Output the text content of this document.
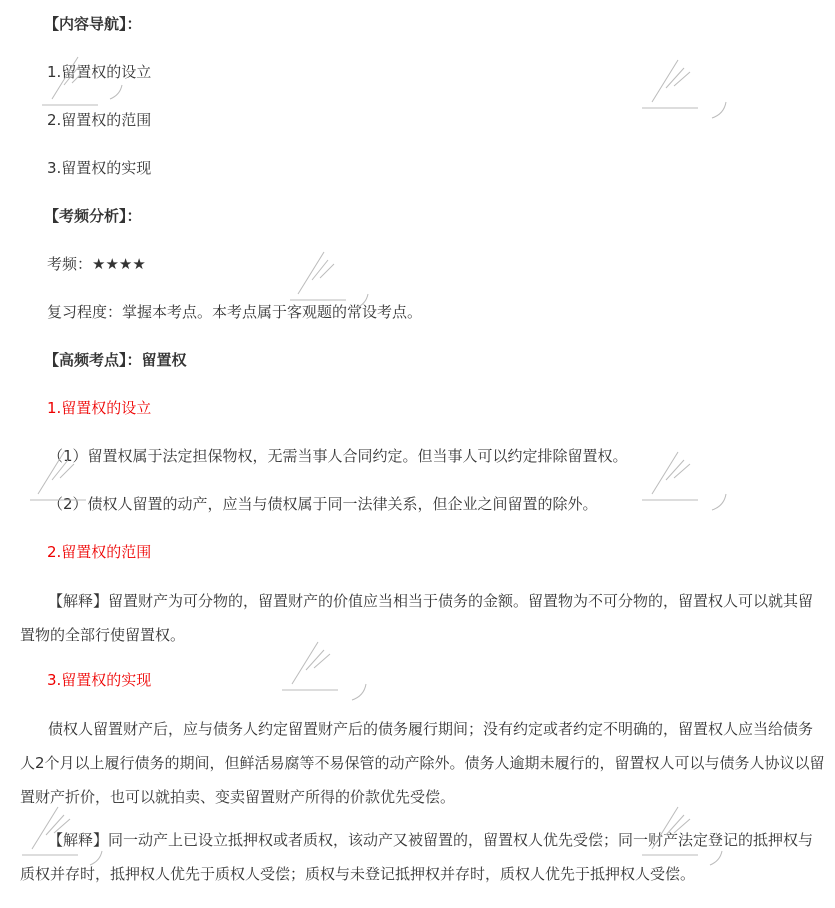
【内容导航】：
1.留置权的设立
2.留置权的范围
3.留置权的实现
【考频分析】：
考频：★★★★
复习程度：掌握本考点。本考点属于客观题的常设考点。
【高频考点】：留置权
1.留置权的设立
（1）留置权属于法定担保物权，无需当事人合同约定。但当事人可以约定排除留置权。
（2）债权人留置的动产，应当与债权属于同一法律关系，但企业之间留置的除外。
2.留置权的范围
【解释】留置财产为可分物的，留置财产的价值应当相当于债务的金额。留置物为不可分物的，留置权人可以就其留置物的全部行使留置权。
3.留置权的实现
债权人留置财产后，应与债务人约定留置财产后的债务履行期间；没有约定或者约定不明确的，留置权人应当给债务人2个月以上履行债务的期间，但鲜活易腐等不易保管的动产除外。债务人逾期未履行的，留置权人可以与债务人协议以留置财产折价，也可以就拍卖、变卖留置财产所得的价款优先受偿。
【解释】同一动产上已设立抵押权或者质权，该动产又被留置的，留置权人优先受偿；同一财产法定登记的抵押权与质权并存时，抵押权人优先于质权人受偿；质权与未登记抵押权并存时，质权人优先于抵押权人受偿。
